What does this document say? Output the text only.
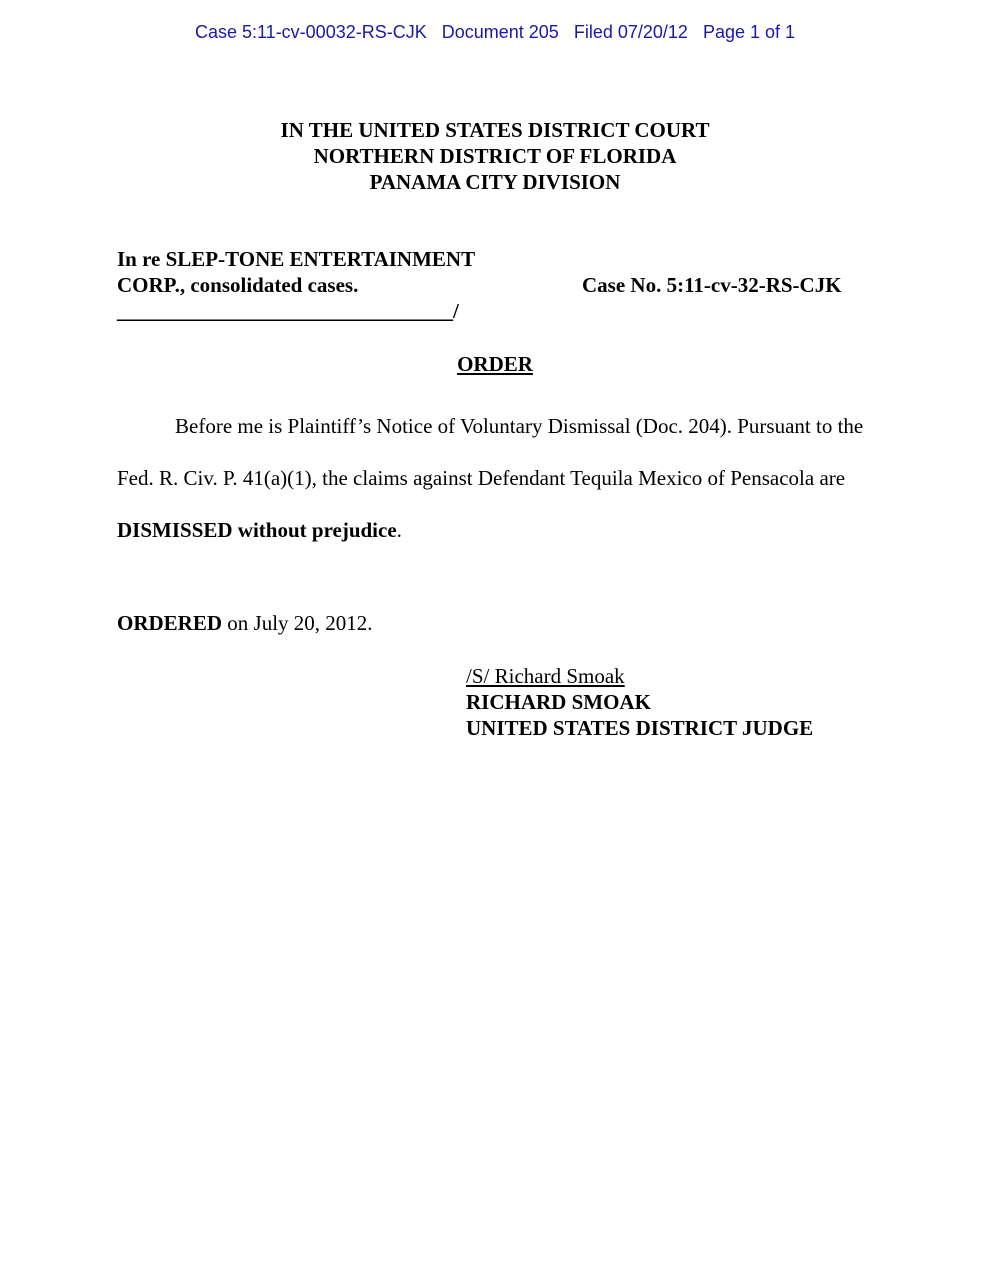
Case 5:11-cv-00032-RS-CJK Document 205 Filed 07/20/12 Page 1 of 1
IN THE UNITED STATES DISTRICT COURT
NORTHERN DISTRICT OF FLORIDA
PANAMA CITY DIVISION
In re SLEP-TONE ENTERTAINMENT
CORP., consolidated cases.
________________________________/
Case No. 5:11-cv-32-RS-CJK
ORDER
Before me is Plaintiff’s Notice of Voluntary Dismissal (Doc. 204). Pursuant to the Fed. R. Civ. P. 41(a)(1), the claims against Defendant Tequila Mexico of Pensacola are DISMISSED without prejudice.
ORDERED on July 20, 2012.
/S/ Richard Smoak
RICHARD SMOAK
UNITED STATES DISTRICT JUDGE
